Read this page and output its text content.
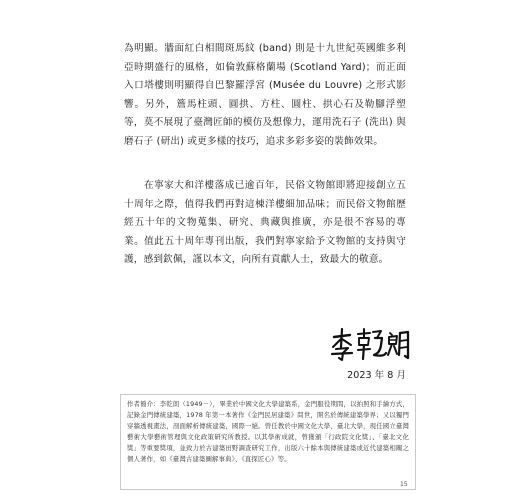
為明顯。牆面紅白相間斑馬紋 (band) 則是十九世紀英國維多利亞時期盛行的風格，如倫敦蘇格蘭場 (Scotland Yard)；而正面入口塔樓則明顯得自巴黎羅浮宮 (Musée du Louvre) 之形式影響。另外，簷馬柱頭、圓拱、方柱、圓柱、拱心石及勒腳浮塑等，莫不展現了臺灣匠師的模仿及想像力，運用洗石子 (洗出) 與磨石子 (研出) 或更多樣的技巧，追求多彩多姿的裝飾效果。

在寧家大和洋樓落成已逾百年，民俗文物館即將迎接創立五十周年之際，值得我們再對這棟洋樓細加品味；而民俗文物館歷經五十年的文物蒐集、研究、典藏與推廣，亦是很不容易的專業。值此五十周年專刊出版，我們對寧家給予文物館的支持與守護，感到欽佩，謹以本文，向所有貢獻人士，致最大的敬意。

2023 年 8 月

作者簡介：李乾朗（1949－），畢業於中國文化大學建築系，金門服役期間，以拍照和手繪方式，記錄金門傳統建築，1978 年第一本著作《金門民居建築》問世，開名於傳統建築學界；又以獨門穿牆透視畫法，剖面解析傳統建築，國際一絕。曾任教於中國文化大學、臺北大學，現任國立臺灣藝術大學藝術管理與文化政策研究所教授。以其學術成就，曾獲頒「行政院文化獎」、「臺北文化獎」等重要獎項，並致力於古建築田野調查研究工作，出版六十餘本與傳統建築或近代建築相關之個人著作，如《臺灣古建築圖解事典》、《直探匠心》等。

15
